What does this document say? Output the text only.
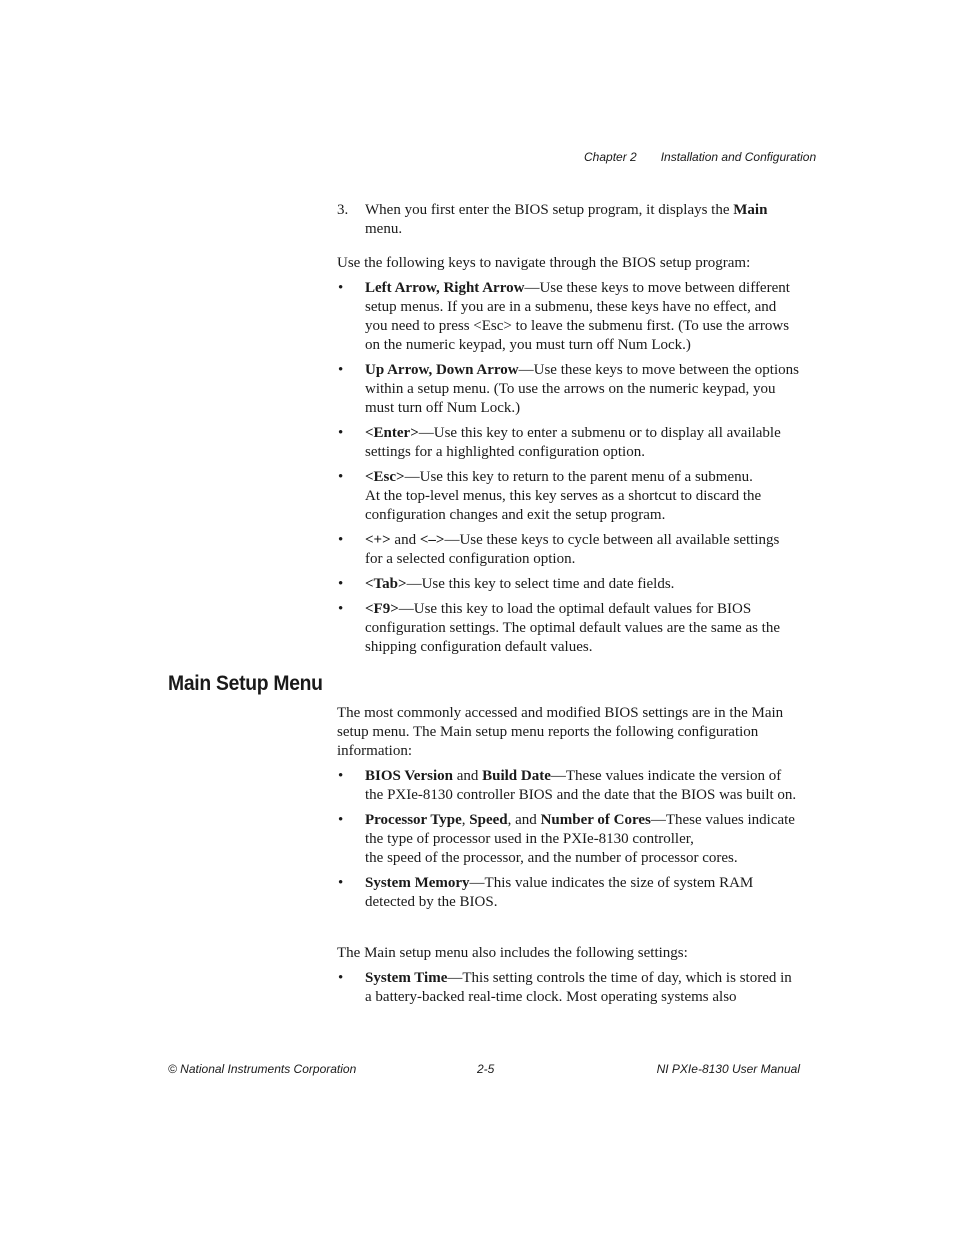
Chapter 2 Installation and Configuration
3. When you first enter the BIOS setup program, it displays the Main
menu.

Use the following keys to navigate through the BIOS setup program:

• Left Arrow, Right Arrow—Use these keys to move between different setup menus. If you are in a submenu, these keys have no effect, and you need to press <Esc> to leave the submenu first. (To use the arrows on the numeric keypad, you must turn off Num Lock.)
• Up Arrow, Down Arrow—Use these keys to move between the options within a setup menu. (To use the arrows on the numeric keypad, you must turn off Num Lock.)
• <Enter>—Use this key to enter a submenu or to display all available settings for a highlighted configuration option.
• <Esc>—Use this key to return to the parent menu of a submenu.
At the top-level menus, this key serves as a shortcut to discard the configuration changes and exit the setup program.
• <+> and <–>—Use these keys to cycle between all available settings for a selected configuration option.
• <Tab>—Use this key to select time and date fields.
• <F9>—Use this key to load the optimal default values for BIOS configuration settings. The optimal default values are the same as the shipping configuration default values.
Main Setup Menu

The most commonly accessed and modified BIOS settings are in the Main setup menu. The Main setup menu reports the following configuration information:

• BIOS Version and Build Date—These values indicate the version of the PXIe-8130 controller BIOS and the date that the BIOS was built on.
• Processor Type, Speed, and Number of Cores—These values indicate the type of processor used in the PXIe-8130 controller,
the speed of the processor, and the number of processor cores.
• System Memory—This value indicates the size of system RAM detected by the BIOS.

The Main setup menu also includes the following settings:

• System Time—This setting controls the time of day, which is stored in a battery-backed real-time clock. Most operating systems also
© National Instruments Corporation	2-5	NI PXIe-8130 User Manual
